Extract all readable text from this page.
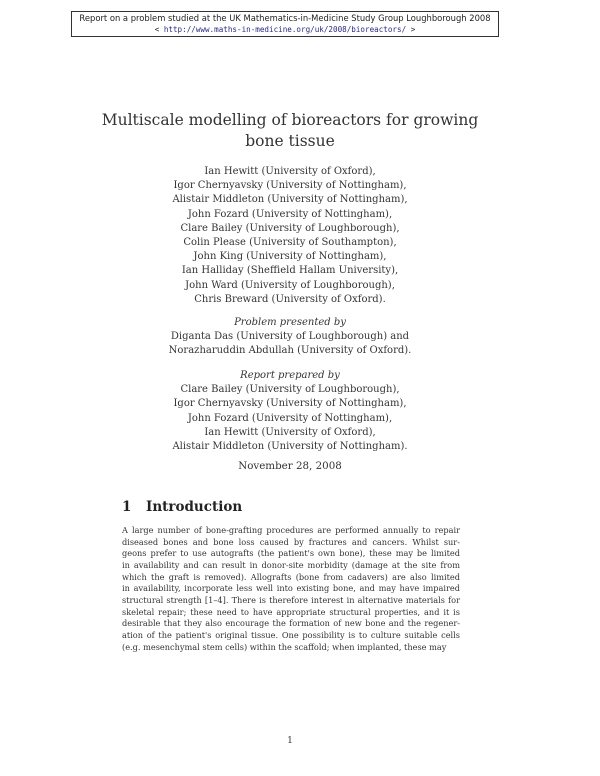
Report on a problem studied at the UK Mathematics-in-Medicine Study Group Loughborough 2008
< http://www.maths-in-medicine.org/uk/2008/bioreactors/ >
Multiscale modelling of bioreactors for growing
bone tissue
Ian Hewitt (University of Oxford),
Igor Chernyavsky (University of Nottingham),
Alistair Middleton (University of Nottingham),
John Fozard (University of Nottingham),
Clare Bailey (University of Loughborough),
Colin Please (University of Southampton),
John King (University of Nottingham),
Ian Halliday (Sheffield Hallam University),
John Ward (University of Loughborough),
Chris Breward (University of Oxford).
Problem presented by
Diganta Das (University of Loughborough) and
Norazharuddin Abdullah (University of Oxford).
Report prepared by
Clare Bailey (University of Loughborough),
Igor Chernyavsky (University of Nottingham),
John Fozard (University of Nottingham),
Ian Hewitt (University of Oxford),
Alistair Middleton (University of Nottingham).
November 28, 2008
1 Introduction
A large number of bone-grafting procedures are performed annually to repair
diseased bones and bone loss caused by fractures and cancers. Whilst sur-
geons prefer to use autografts (the patient's own bone), these may be limited
in availability and can result in donor-site morbidity (damage at the site from
which the graft is removed). Allografts (bone from cadavers) are also limited
in availability, incorporate less well into existing bone, and may have impaired
structural strength [1–4]. There is therefore interest in alternative materials for
skeletal repair; these need to have appropriate structural properties, and it is
desirable that they also encourage the formation of new bone and the regener-
ation of the patient's original tissue. One possibility is to culture suitable cells
(e.g. mesenchymal stem cells) within the scaffold; when implanted, these may
1
